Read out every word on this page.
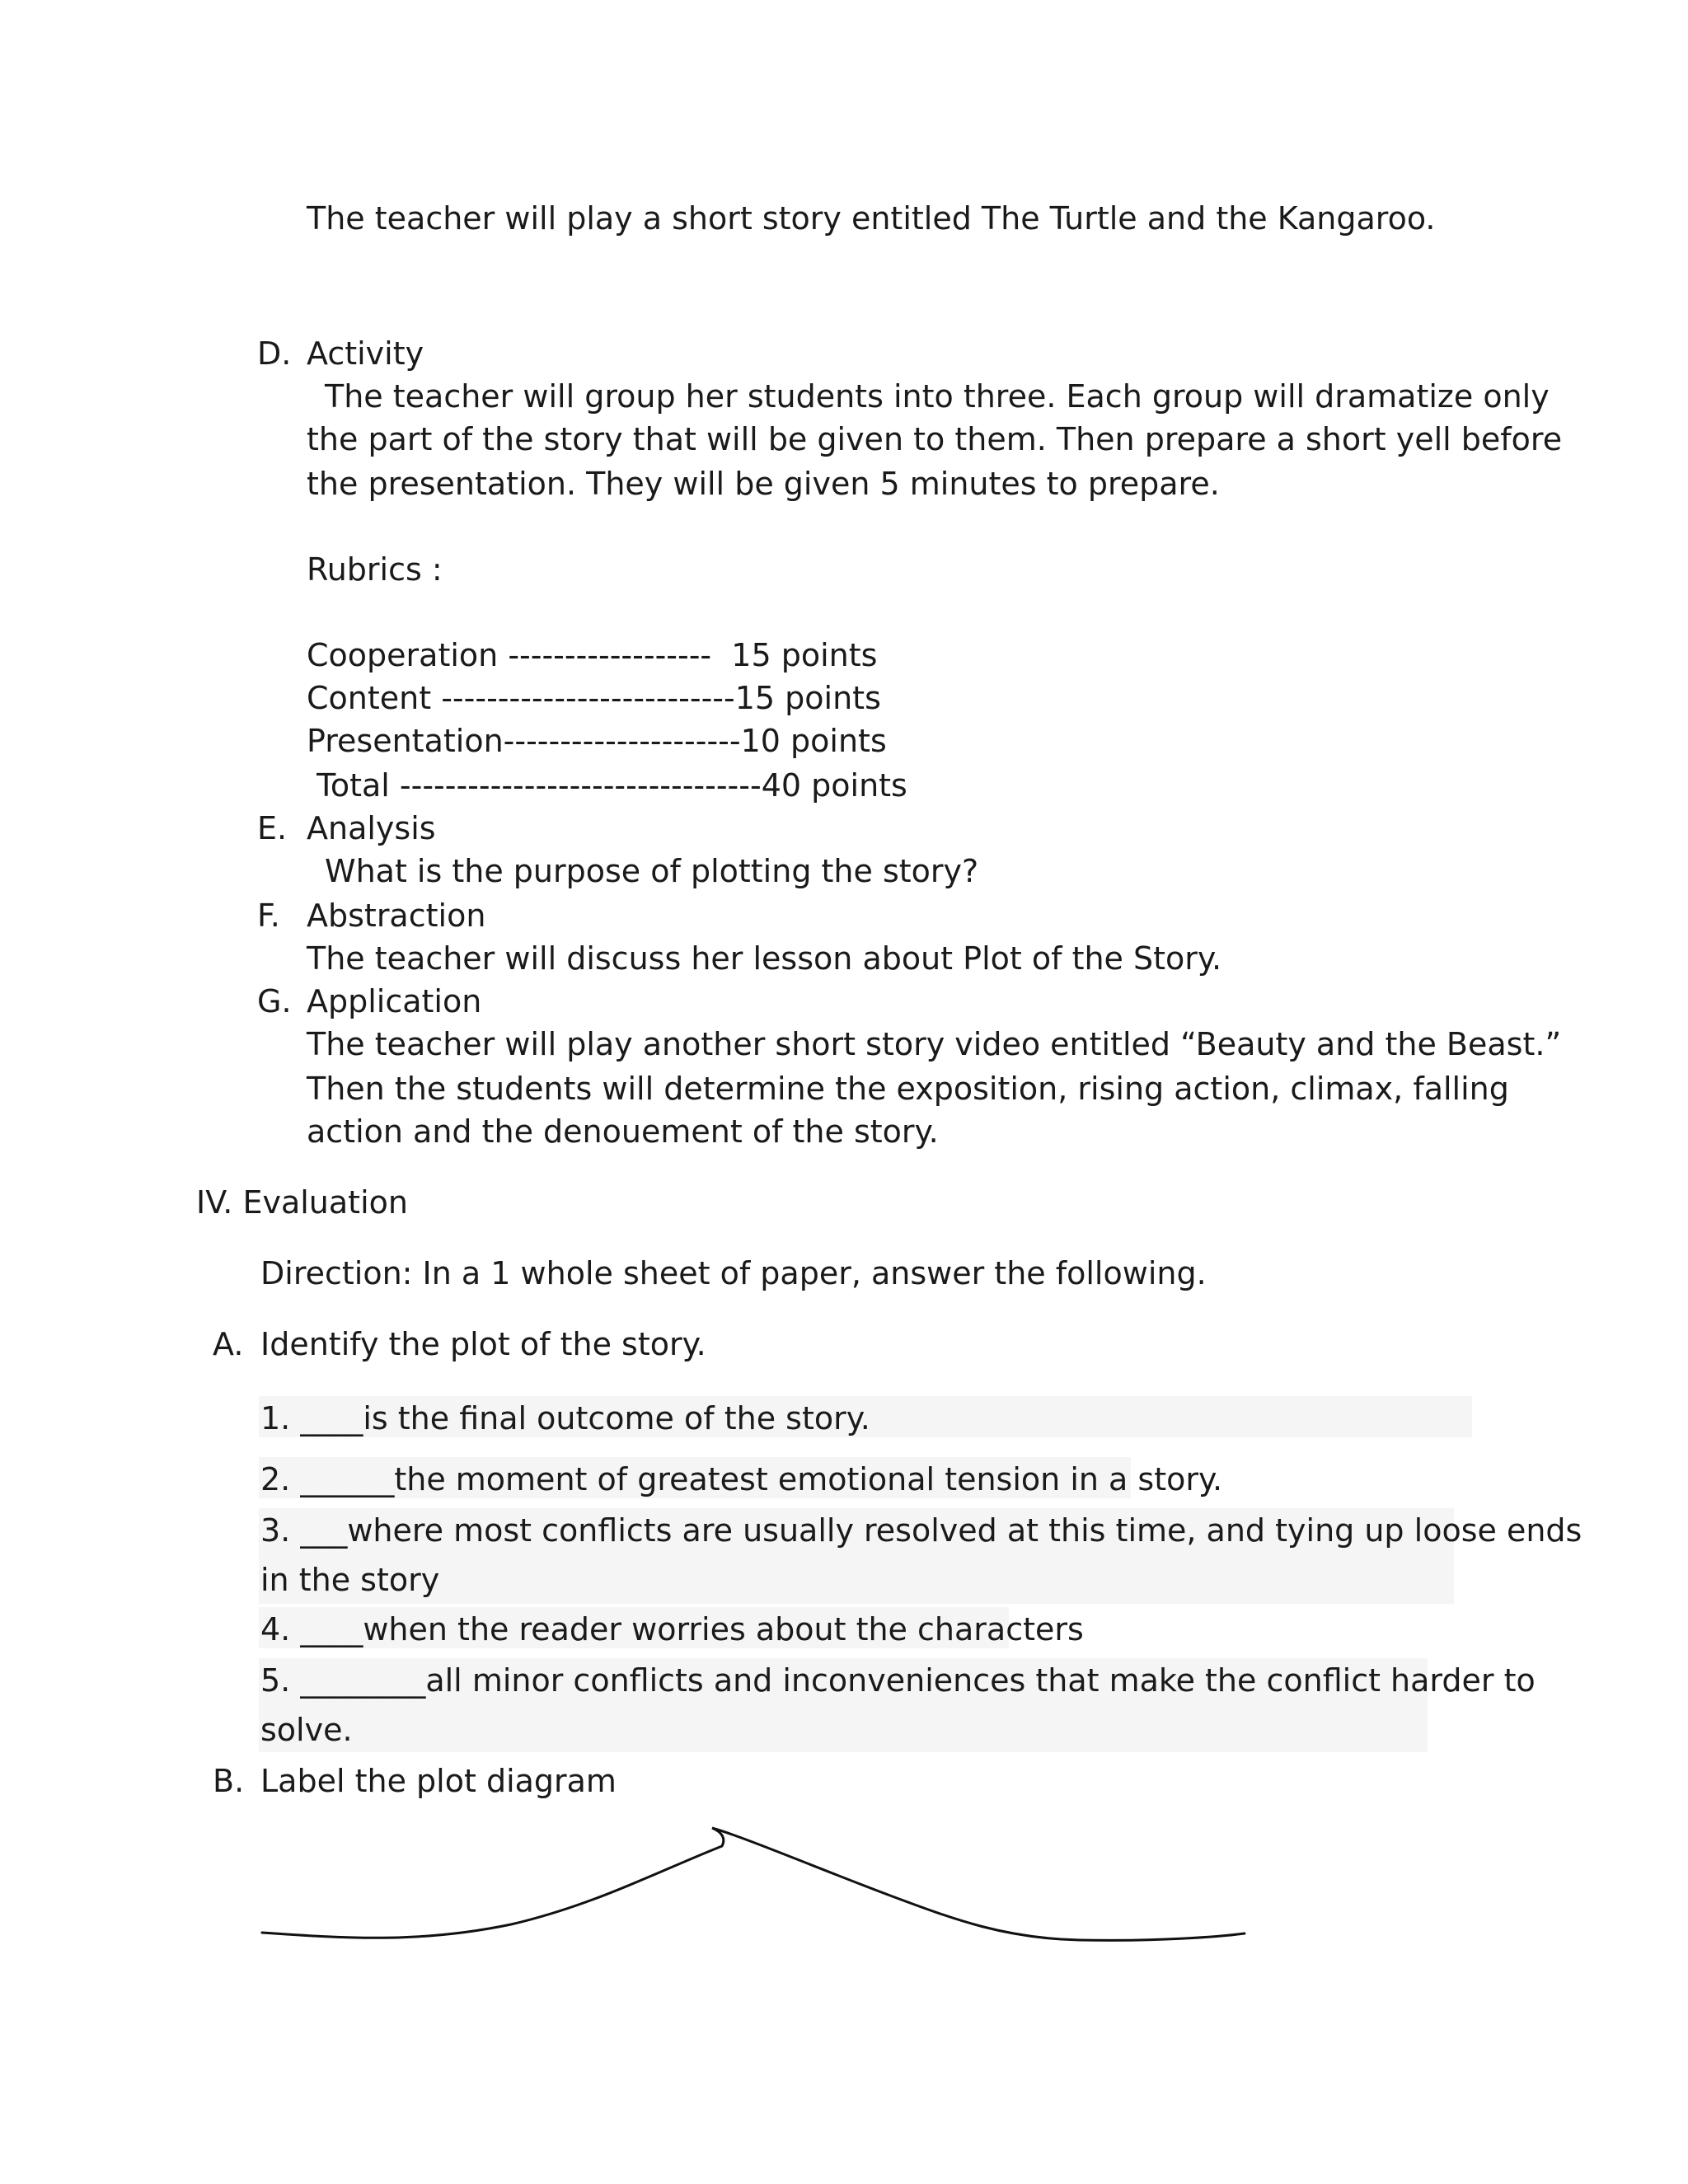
The teacher will play a short story entitled The Turtle and the Kangaroo.
D. Activity
The teacher will group her students into three. Each group will dramatize only
the part of the story that will be given to them. Then prepare a short yell before
the presentation. They will be given 5 minutes to prepare.
Rubrics :
Cooperation ------------------  15 points
Content --------------------------15 points
Presentation---------------------10 points
Total --------------------------------40 points
E. Analysis
What is the purpose of plotting the story?
F. Abstraction
The teacher will discuss her lesson about Plot of the Story.
G. Application
The teacher will play another short story video entitled “Beauty and the Beast.”
Then the students will determine the exposition, rising action, climax, falling
action and the denouement of the story.
IV. Evaluation
Direction: In a 1 whole sheet of paper, answer the following.
A. Identify the plot of the story.
1. ____is the final outcome of the story.
2. ______the moment of greatest emotional tension in a story.
3. ___where most conflicts are usually resolved at this time, and tying up loose ends
in the story
4. ____when the reader worries about the characters
5. ________all minor conflicts and inconveniences that make the conflict harder to
solve.
B. Label the plot diagram
